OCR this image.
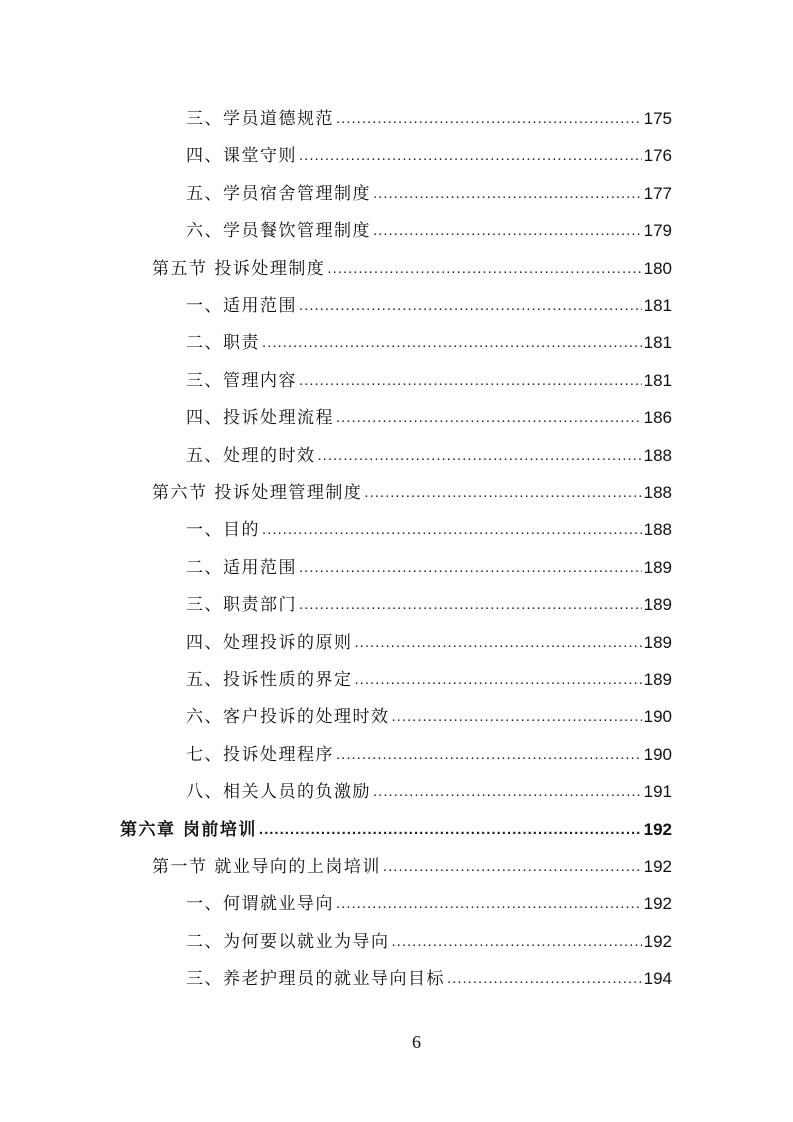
三、学员道德规范 .....	175
四、课堂守则 .....	176
五、学员宿舍管理制度 .....	177
六、学员餐饮管理制度 .....	179
第五节 投诉处理制度 .....	180
一、适用范围 .....	181
二、职责 .....	181
三、管理内容 .....	181
四、投诉处理流程 .....	186
五、处理的时效 .....	188
第六节 投诉处理管理制度 .....	188
一、目的 .....	188
二、适用范围 .....	189
三、职责部门 .....	189
四、处理投诉的原则 .....	189
五、投诉性质的界定 .....	189
六、客户投诉的处理时效 .....	190
七、投诉处理程序 .....	190
八、相关人员的负激励 .....	191
第六章 岗前培训 .....	192
第一节 就业导向的上岗培训 .....	192
一、何谓就业导向 .....	192
二、为何要以就业为导向 .....	192
三、养老护理员的就业导向目标 .....	194
6
